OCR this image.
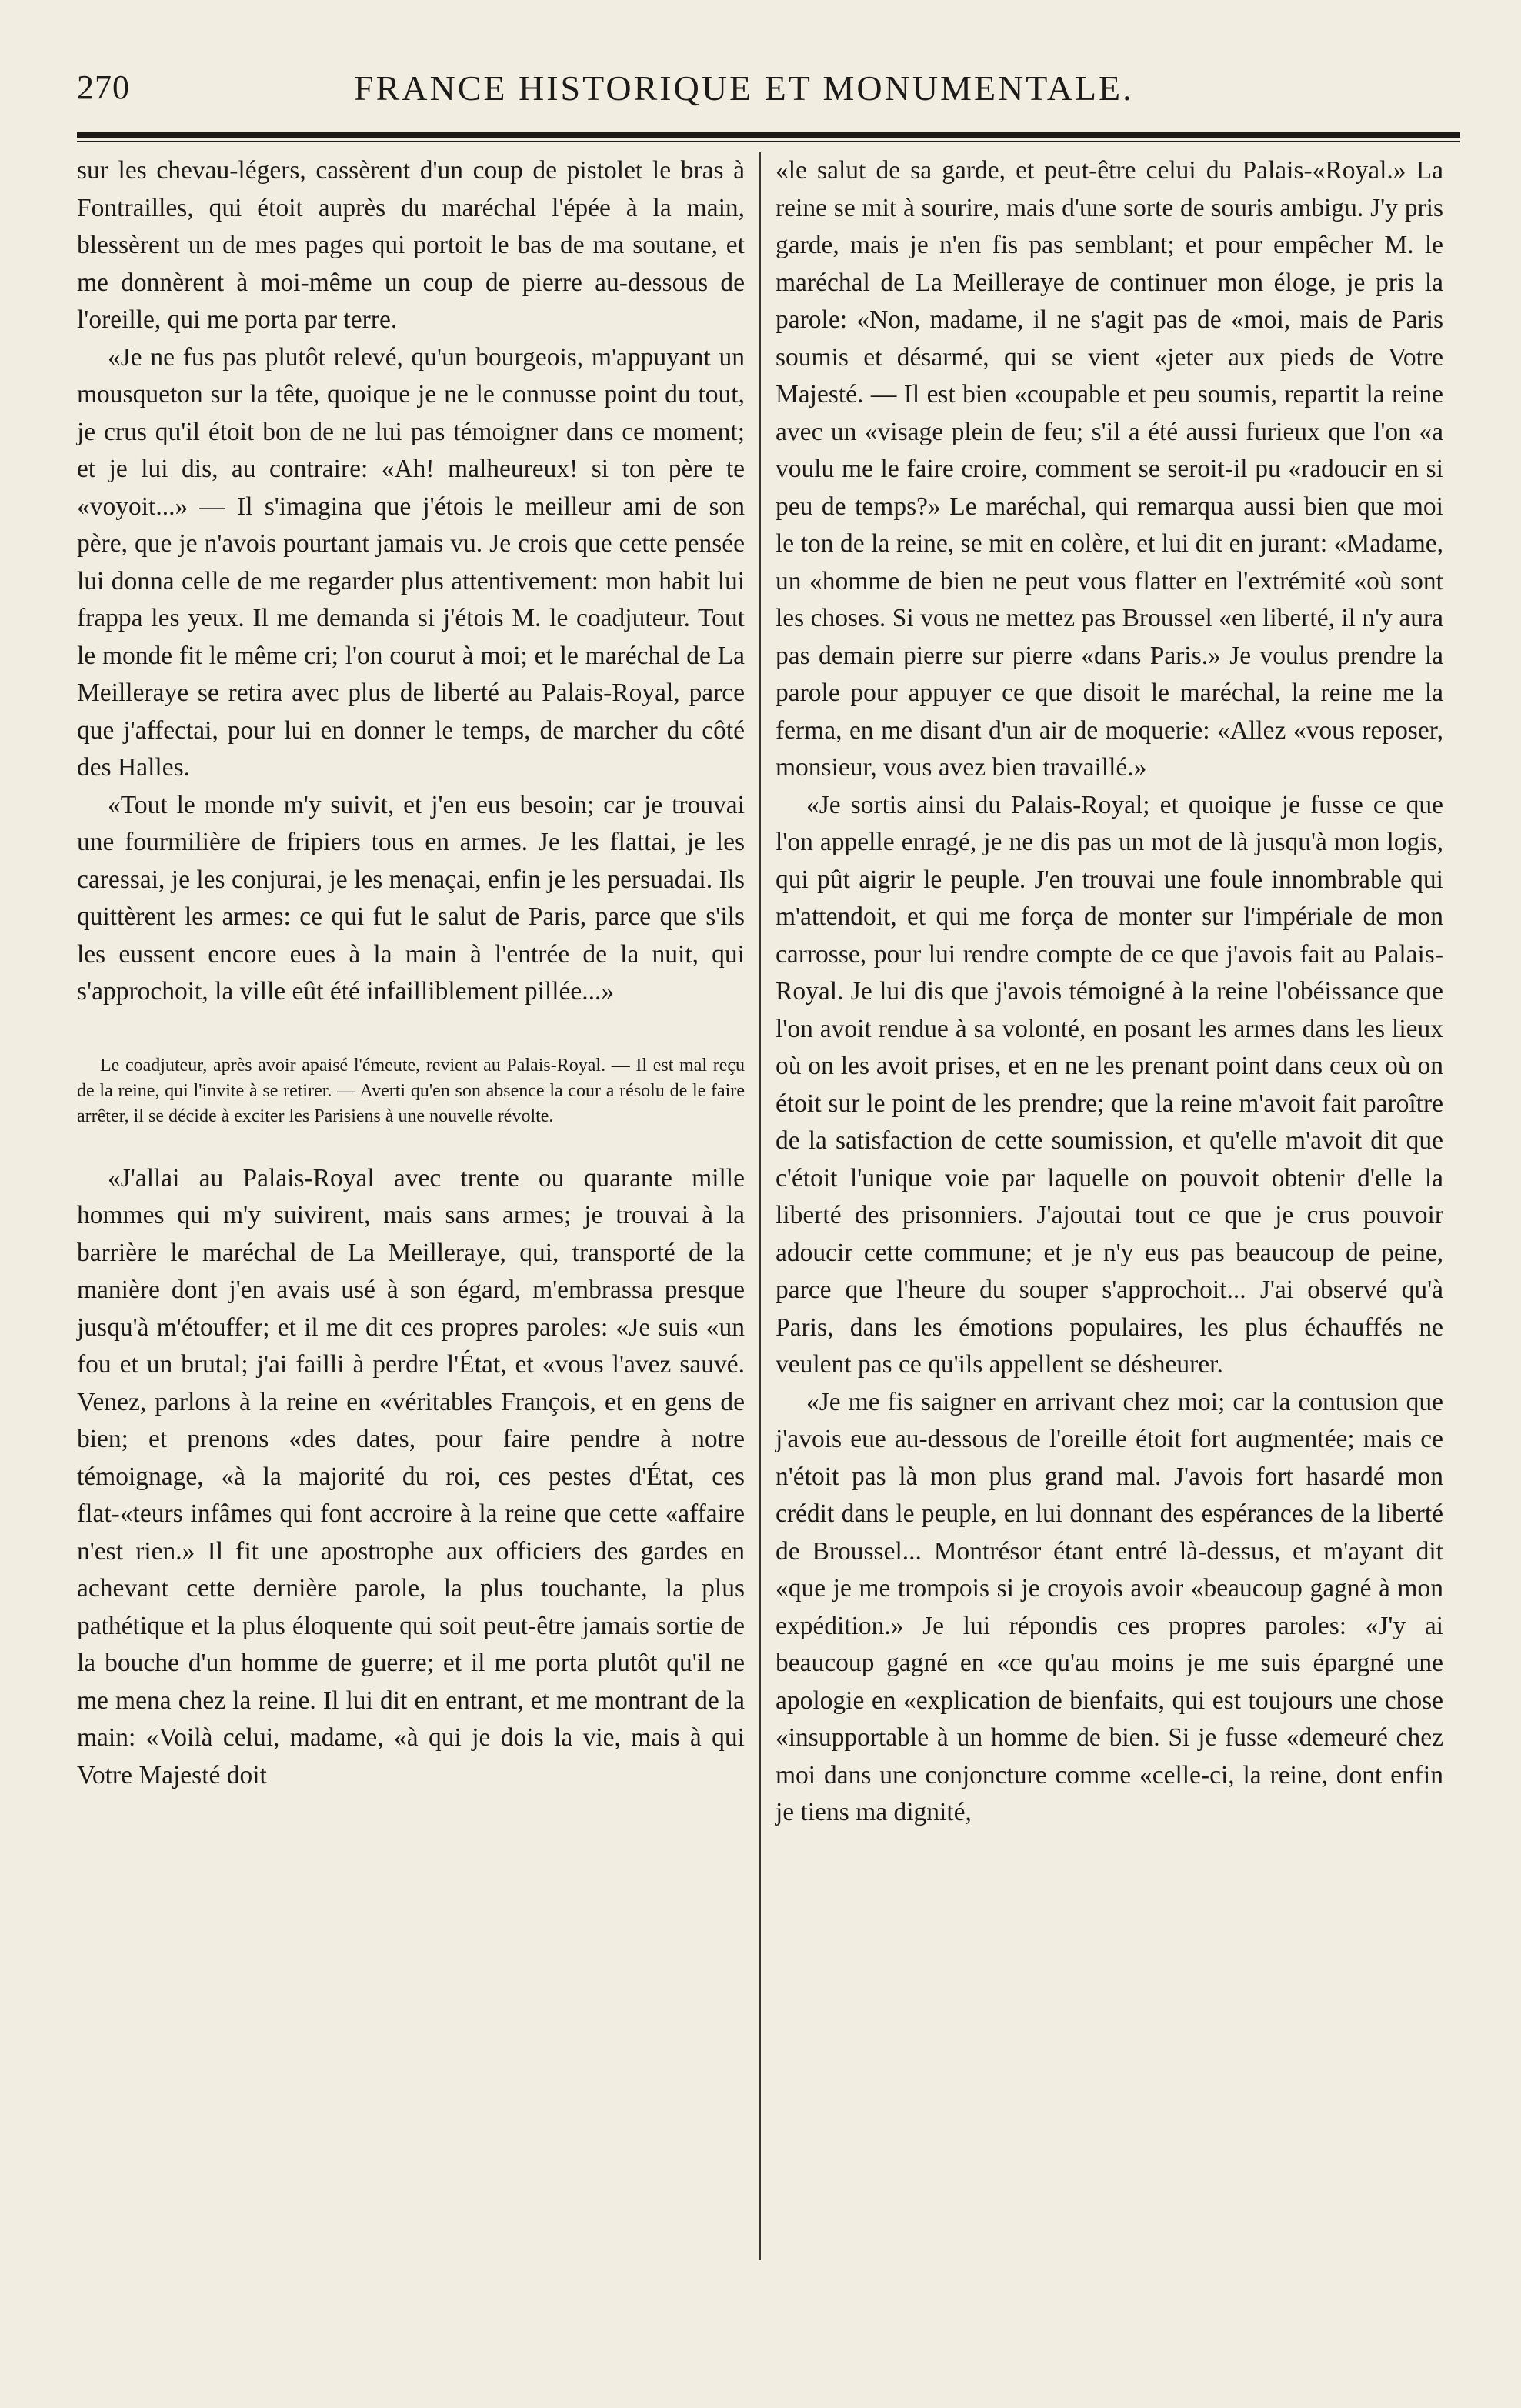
270	FRANCE HISTORIQUE ET MONUMENTALE.

sur les chevau-légers, cassèrent d'un coup de pistolet le bras à Fontrailles, qui étoit auprès du maréchal l'épée à la main, blessèrent un de mes pages qui portoit le bas de ma soutane, et me donnèrent à moi-même un coup de pierre au-dessous de l'oreille, qui me porta par terre.

«Je ne fus pas plutôt relevé, qu'un bourgeois, m'appuyant un mousqueton sur la tête, quoique je ne le connusse point du tout, je crus qu'il étoit bon de ne lui pas témoigner dans ce moment; et je lui dis, au contraire: «Ah! malheureux! si ton père te «voyoit...» — Il s'imagina que j'étois le meilleur ami de son père, que je n'avois pourtant jamais vu. Je crois que cette pensée lui donna celle de me regarder plus attentivement: mon habit lui frappa les yeux. Il me demanda si j'étois M. le coadjuteur. Tout le monde fit le même cri; l'on courut à moi; et le maréchal de La Meilleraye se retira avec plus de liberté au Palais-Royal, parce que j'affectai, pour lui en donner le temps, de marcher du côté des Halles.

«Tout le monde m'y suivit, et j'en eus besoin; car je trouvai une fourmilière de fripiers tous en armes. Je les flattai, je les caressai, je les conjurai, je les menaçai, enfin je les persuadai. Ils quittèrent les armes: ce qui fut le salut de Paris, parce que s'ils les eussent encore eues à la main à l'entrée de la nuit, qui s'approchoit, la ville eût été infailliblement pillée...»

Le coadjuteur, après avoir apaisé l'émeute, revient au Palais-Royal. — Il est mal reçu de la reine, qui l'invite à se retirer. — Averti qu'en son absence la cour a résolu de le faire arrêter, il se décide à exciter les Parisiens à une nouvelle révolte.

«J'allai au Palais-Royal avec trente ou quarante mille hommes qui m'y suivirent, mais sans armes; je trouvai à la barrière le maréchal de La Meilleraye, qui, transporté de la manière dont j'en avais usé à son égard, m'embrassa presque jusqu'à m'étouffer; et il me dit ces propres paroles: «Je suis «un fou et un brutal; j'ai failli à perdre l'État, et «vous l'avez sauvé. Venez, parlons à la reine en «véritables François, et en gens de bien; et prenons «des dates, pour faire pendre à notre témoignage, «à la majorité du roi, ces pestes d'État, ces flat-«teurs infâmes qui font accroire à la reine que cette «affaire n'est rien.» Il fit une apostrophe aux officiers des gardes en achevant cette dernière parole, la plus touchante, la plus pathétique et la plus éloquente qui soit peut-être jamais sortie de la bouche d'un homme de guerre; et il me porta plutôt qu'il ne me mena chez la reine. Il lui dit en entrant, et me montrant de la main: «Voilà celui, madame, «à qui je dois la vie, mais à qui Votre Majesté doit

«le salut de sa garde, et peut-être celui du Palais-«Royal.» La reine se mit à sourire, mais d'une sorte de souris ambigu. J'y pris garde, mais je n'en fis pas semblant; et pour empêcher M. le maréchal de La Meilleraye de continuer mon éloge, je pris la parole: «Non, madame, il ne s'agit pas de «moi, mais de Paris soumis et désarmé, qui se vient «jeter aux pieds de Votre Majesté. — Il est bien «coupable et peu soumis, repartit la reine avec un «visage plein de feu; s'il a été aussi furieux que l'on «a voulu me le faire croire, comment se seroit-il pu «radoucir en si peu de temps?» Le maréchal, qui remarqua aussi bien que moi le ton de la reine, se mit en colère, et lui dit en jurant: «Madame, un «homme de bien ne peut vous flatter en l'extrémité «où sont les choses. Si vous ne mettez pas Broussel «en liberté, il n'y aura pas demain pierre sur pierre «dans Paris.» Je voulus prendre la parole pour appuyer ce que disoit le maréchal, la reine me la ferma, en me disant d'un air de moquerie: «Allez «vous reposer, monsieur, vous avez bien travaillé.»

«Je sortis ainsi du Palais-Royal; et quoique je fusse ce que l'on appelle enragé, je ne dis pas un mot de là jusqu'à mon logis, qui pût aigrir le peuple. J'en trouvai une foule innombrable qui m'attendoit, et qui me força de monter sur l'impériale de mon carrosse, pour lui rendre compte de ce que j'avois fait au Palais-Royal. Je lui dis que j'avois témoigné à la reine l'obéissance que l'on avoit rendue à sa volonté, en posant les armes dans les lieux où on les avoit prises, et en ne les prenant point dans ceux où on étoit sur le point de les prendre; que la reine m'avoit fait paroître de la satisfaction de cette soumission, et qu'elle m'avoit dit que c'étoit l'unique voie par laquelle on pouvoit obtenir d'elle la liberté des prisonniers. J'ajoutai tout ce que je crus pouvoir adoucir cette commune; et je n'y eus pas beaucoup de peine, parce que l'heure du souper s'approchoit... J'ai observé qu'à Paris, dans les émotions populaires, les plus échauffés ne veulent pas ce qu'ils appellent se désheurer.

«Je me fis saigner en arrivant chez moi; car la contusion que j'avois eue au-dessous de l'oreille étoit fort augmentée; mais ce n'étoit pas là mon plus grand mal. J'avois fort hasardé mon crédit dans le peuple, en lui donnant des espérances de la liberté de Broussel... Montrésor étant entré là-dessus, et m'ayant dit «que je me trompois si je croyois avoir «beaucoup gagné à mon expédition.» Je lui répondis ces propres paroles: «J'y ai beaucoup gagné en «ce qu'au moins je me suis épargné une apologie en «explication de bienfaits, qui est toujours une chose «insupportable à un homme de bien. Si je fusse «demeuré chez moi dans une conjoncture comme «celle-ci, la reine, dont enfin je tiens ma dignité,
